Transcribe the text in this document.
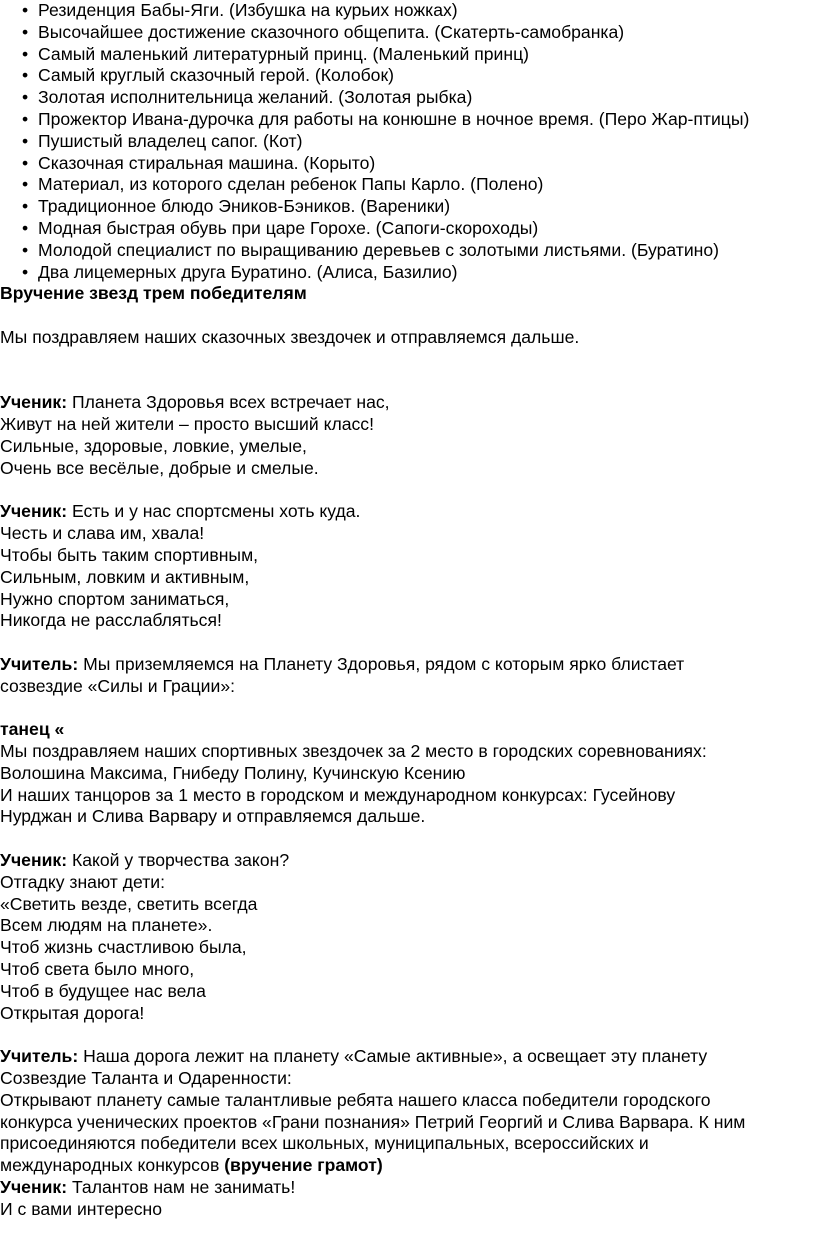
• Резиденция Бабы-Яги. (Избушка на курьих ножках)

• Высочайшее достижение сказочного общепита. (Скатерть-самобранка)

• Самый маленький литературный принц. (Маленький принц)

• Самый круглый сказочный герой. (Колобок)

• Золотая исполнительница желаний. (Золотая рыбка)

• Прожектор Ивана-дурочка для работы на конюшне в ночное время. (Перо Жар-птицы)

• Пушистый владелец сапог. (Кот)

• Сказочная стиральная машина. (Корыто)

• Материал, из которого сделан ребенок Папы Карло. (Полено)

• Традиционное блюдо Эников-Бэников. (Вареники)

• Модная быстрая обувь при царе Горохе. (Сапоги-скороходы)

• Молодой специалист по выращиванию деревьев с золотыми листьями. (Буратино)

• Два лицемерных друга Буратино. (Алиса, Базилио)

Вручение звезд трем победителям

Мы поздравляем наших сказочных звездочек и отправляемся дальше.

Ученик: Планета Здоровья всех встречает нас,

Живут на ней жители – просто высший класс!

Сильные, здоровые, ловкие, умелые,

Очень все весёлые, добрые и смелые.

Ученик: Есть и у нас спортсмены хоть куда.

Честь и слава им, хвала!

Чтобы быть таким спортивным,

Сильным, ловким и активным,

Нужно спортом заниматься,

Никогда не расслабляться!

Учитель: Мы приземляемся на Планету Здоровья, рядом с которым ярко блистает

созвездие «Силы и Грации»:

танец «

Мы поздравляем наших спортивных звездочек за 2 место в городских соревнованиях:

Волошина Максима, Гнибеду Полину, Кучинскую Ксению

И наших танцоров за 1 место в городском и международном конкурсах: Гусейнову

Нурджан и Слива Варвару и отправляемся дальше.

Ученик: Какой у творчества закон?

Отгадку знают дети:

«Светить везде, светить всегда

Всем людям на планете».

Чтоб жизнь счастливою была,

Чтоб света было много,

Чтоб в будущее нас вела

Открытая дорога!

Учитель: Наша дорога лежит на планету «Самые активные», а освещает эту планету

Созвездие Таланта и Одаренности:

Открывают планету самые талантливые ребята нашего класса победители городского

конкурса ученических проектов «Грани познания» Петрий Георгий и Слива Варвара. К ним

присоединяются победители всех школьных, муниципальных, всероссийских и

международных конкурсов (вручение грамот)

Ученик: Талантов нам не занимать!

И с вами интересно
